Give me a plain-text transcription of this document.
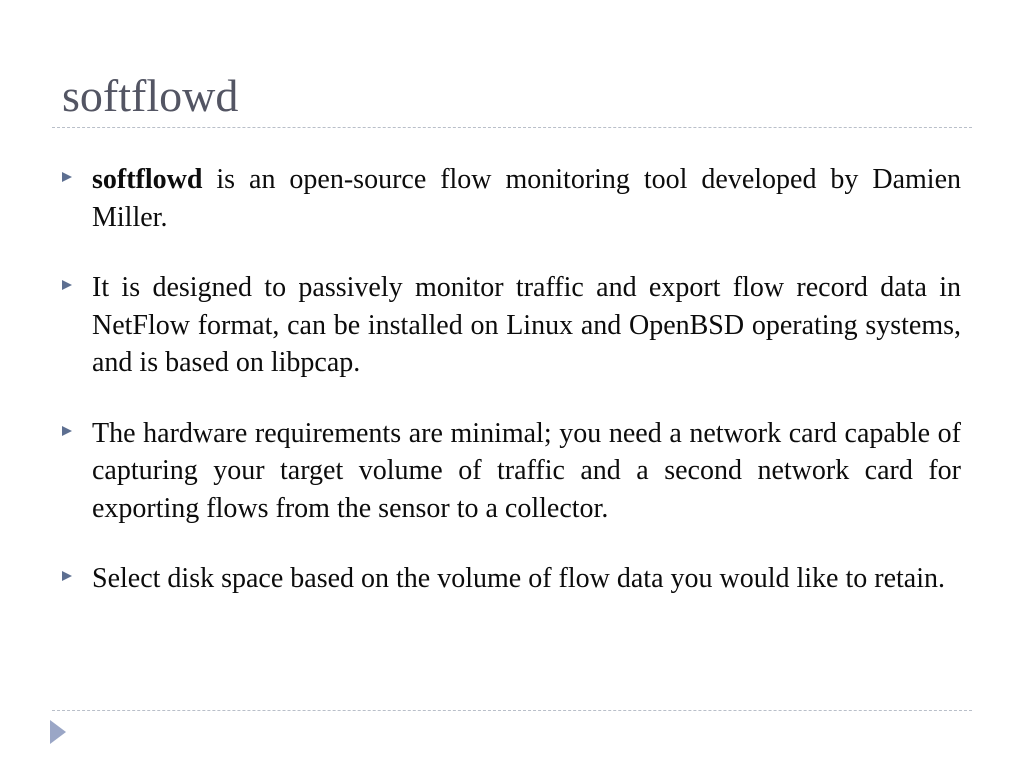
softflowd
softflowd is an open-source flow monitoring tool developed by Damien Miller.
It is designed to passively monitor traffic and export flow record data in NetFlow format, can be installed on Linux and OpenBSD operating systems, and is based on libpcap.
The hardware requirements are minimal; you need a network card capable of capturing your target volume of traffic and a second network card for exporting flows from the sensor to a collector.
Select disk space based on the volume of flow data you would like to retain.
